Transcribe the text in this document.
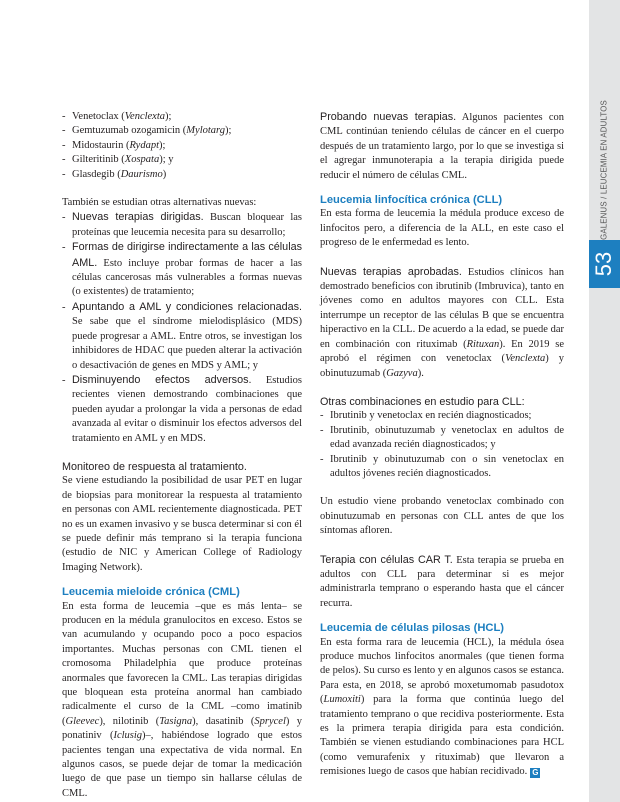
GALENUS / LEUCEMIA EN ADULTOS
53
- Venetoclax (Venclexta);
- Gemtuzumab ozogamicin (Mylotarg);
- Midostaurin (Rydapt);
- Gilteritinib (Xospata); y
- Glasdegib (Daurismo)

También se estudian otras alternativas nuevas:

- Nuevas terapias dirigidas. Buscan bloquear las proteínas que leucemia necesita para su desarrollo;
- Formas de dirigirse indirectamente a las células AML. Esto incluye probar formas de hacer a las células cancerosas más vulnerables a formas nuevas (o existentes) de tratamiento;
- Apuntando a AML y condiciones relacionadas. Se sabe que el síndrome mielodisplásico (MDS) puede progresar a AML. Entre otros, se investigan los inhibidores de HDAC que pueden alterar la activación o desactivación de genes en MDS y AML; y
- Disminuyendo efectos adversos. Estudios recientes vienen demostrando combinaciones que pueden ayudar a prolongar la vida a personas de edad avanzada al evitar o disminuir los efectos adversos del tratamiento en AML y en MDS.

Monitoreo de respuesta al tratamiento.

Se viene estudiando la posibilidad de usar PET en lugar de biopsias para monitorear la respuesta al tratamiento en personas con AML recientemente diagnosticada. PET no es un examen invasivo y se busca determinar si con él se puede definir más temprano si la terapia funciona (estudio de NIC y American College of Radiology Imaging Network).

Leucemia mieloide crónica (CML)

En esta forma de leucemia –que es más lenta– se producen en la médula granulocitos en exceso. Estos se van acumulando y ocupando poco a poco espacios importantes. Muchas personas con CML tienen el cromosoma Philadelphia que produce proteínas anormales que favorecen la CML. Las terapias dirigidas que bloquean esta proteína anormal han cambiado radicalmente el curso de la CML –como imatinib (Gleevec), nilotinib (Tasigna), dasatinib (Sprycel) y ponatiniv (Iclusig)–, habiéndose logrado que estos pacientes tengan una expectativa de vida normal. En algunos casos, se puede dejar de tomar la medicación luego de que pase un tiempo sin hallarse células de CML.

Probando nuevas terapias. Algunos pacientes con CML continúan teniendo células de cáncer en el cuerpo después de un tratamiento largo, por lo que se investiga si el agregar inmunoterapia a la terapia dirigida puede reducir el número de células CML.

Leucemia linfocítica crónica (CLL)

En esta forma de leucemia la médula produce exceso de linfocitos pero, a diferencia de la ALL, en este caso el progreso de le enfermedad es lento.

Nuevas terapias aprobadas. Estudios clínicos han demostrado beneficios con ibrutinib (Imbruvica), tanto en jóvenes como en adultos mayores con CLL. Esta interrumpe un receptor de las células B que se encuentra hiperactivo en la CLL. De acuerdo a la edad, se puede dar en combinación con rituximab (Rituxan). En 2019 se aprobó el régimen con venetoclax (Venclexta) y obinutuzumab (Gazyva).

Otras combinaciones en estudio para CLL:

- Ibrutinib y venetoclax en recién diagnosticados;
- Ibrutinib, obinutuzumab y venetoclax en adultos de edad avanzada recién diagnosticados; y
- Ibrutinib y obinutuzumab con o sin venetoclax en adultos jóvenes recién diagnosticados.

Un estudio viene probando venetoclax combinado con obinutuzumab en personas con CLL antes de que los síntomas afloren.

Terapia con células CAR T. Esta terapia se prueba en adultos con CLL para determinar si es mejor administrarla temprano o esperando hasta que el cáncer recurra.

Leucemia de células pilosas (HCL)

En esta forma rara de leucemia (HCL), la médula ósea produce muchos linfocitos anormales (que tienen forma de pelos). Su curso es lento y en algunos casos se estanca. Para esta, en 2018, se aprobó moxetumomab pasudotox (Lumoxiti) para la forma que continúa luego del tratamiento temprano o que recidiva posteriormente. Esta es la primera terapia dirigida para esta condición. También se vienen estudiando combinaciones para HCL (como vemurafenix y rituximab) que llevaron a remisiones luego de casos que habían recidivado. G
